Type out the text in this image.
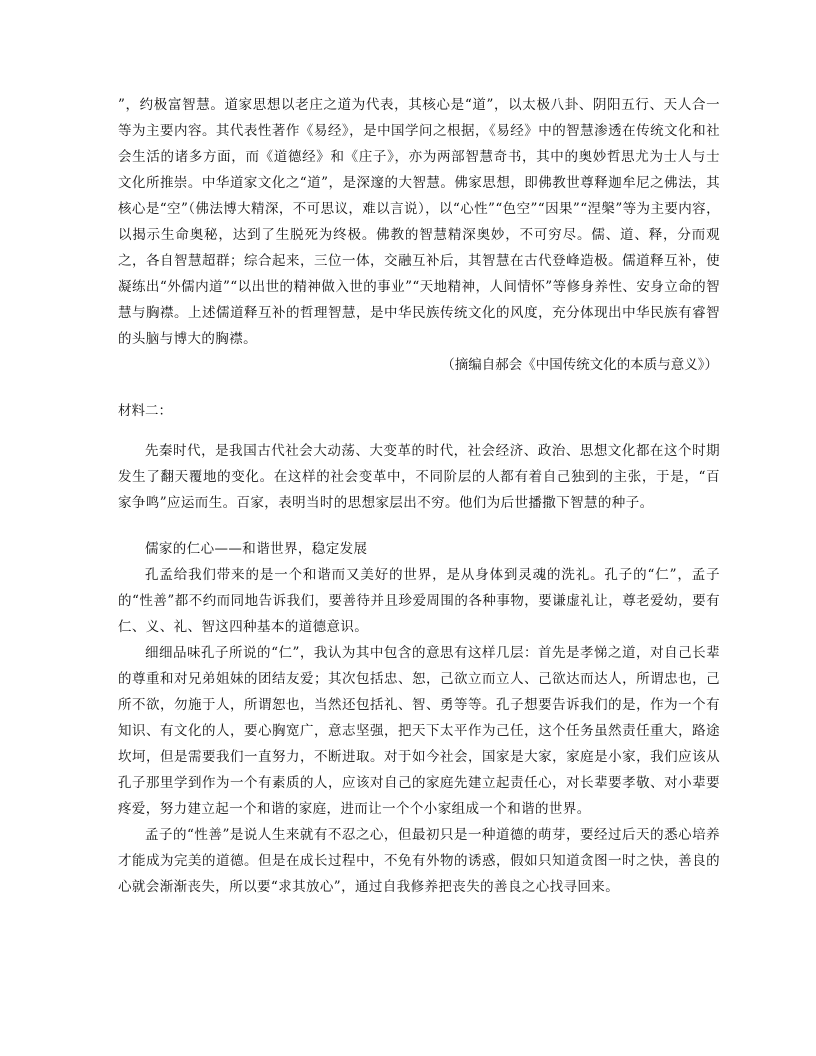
”，约极富智慧。道家思想以老庄之道为代表，其核心是“道”，以太极八卦、阴阳五行、天人合一等为主要内容。其代表性著作《易经》，是中国学问之根据，《易经》中的智慧渗透在传统文化和社会生活的诸多方面，而《道德经》和《庄子》，亦为两部智慧奇书，其中的奥妙哲思尤为士人与士文化所推崇。中华道家文化之“道”，是深邃的大智慧。佛家思想，即佛教世尊释迦牟尼之佛法，其核心是“空”（佛法博大精深，不可思议，难以言说），以“心性”“色空”“因果”“涅槃”等为主要内容，以揭示生命奥秘，达到了生脱死为终极。佛教的智慧精深奥妙，不可穷尽。儒、道、释，分而观之，各自智慧超群；综合起来，三位一体，交融互补后，其智慧在古代登峰造极。儒道释互补，使凝练出“外儒内道”“以出世的精神做入世的事业”“天地精神，人间情怀”等修身养性、安身立命的智慧与胸襟。上述儒道释互补的哲理智慧，是中华民族传统文化的风度，充分体现出中华民族有睿智的头脑与博大的胸襟。

（摘编自郝会《中国传统文化的本质与意义》）

材料二：

先秦时代，是我国古代社会大动荡、大变革的时代，社会经济、政治、思想文化都在这个时期发生了翻天覆地的变化。在这样的社会变革中，不同阶层的人都有着自己独到的主张，于是，“百家争鸣”应运而生。百家，表明当时的思想家层出不穷。他们为后世播撒下智慧的种子。

儒家的仁心——和谐世界，稳定发展

孔孟给我们带来的是一个和谐而又美好的世界，是从身体到灵魂的洗礼。孔子的“仁”，孟子的“性善”都不约而同地告诉我们，要善待并且珍爱周围的各种事物，要谦虚礼让，尊老爱幼，要有仁、义、礼、智这四种基本的道德意识。

细细品味孔子所说的“仁”，我认为其中包含的意思有这样几层：首先是孝悌之道，对自己长辈的尊重和对兄弟姐妹的团结友爱；其次包括忠、恕，己欲立而立人、己欲达而达人，所谓忠也，己所不欲，勿施于人，所谓恕也，当然还包括礼、智、勇等等。孔子想要告诉我们的是，作为一个有知识、有文化的人，要心胸宽广，意志坚强，把天下太平作为己任，这个任务虽然责任重大，路途坎坷，但是需要我们一直努力，不断进取。对于如今社会，国家是大家，家庭是小家，我们应该从孔子那里学到作为一个有素质的人，应该对自己的家庭先建立起责任心，对长辈要孝敬、对小辈要疼爱，努力建立起一个和谐的家庭，进而让一个个小家组成一个和谐的世界。

孟子的“性善”是说人生来就有不忍之心，但最初只是一种道德的萌芽，要经过后天的悉心培养才能成为完美的道德。但是在成长过程中，不免有外物的诱惑，假如只知道贪图一时之快，善良的心就会渐渐丧失，所以要“求其放心”，通过自我修养把丧失的善良之心找寻回来。
